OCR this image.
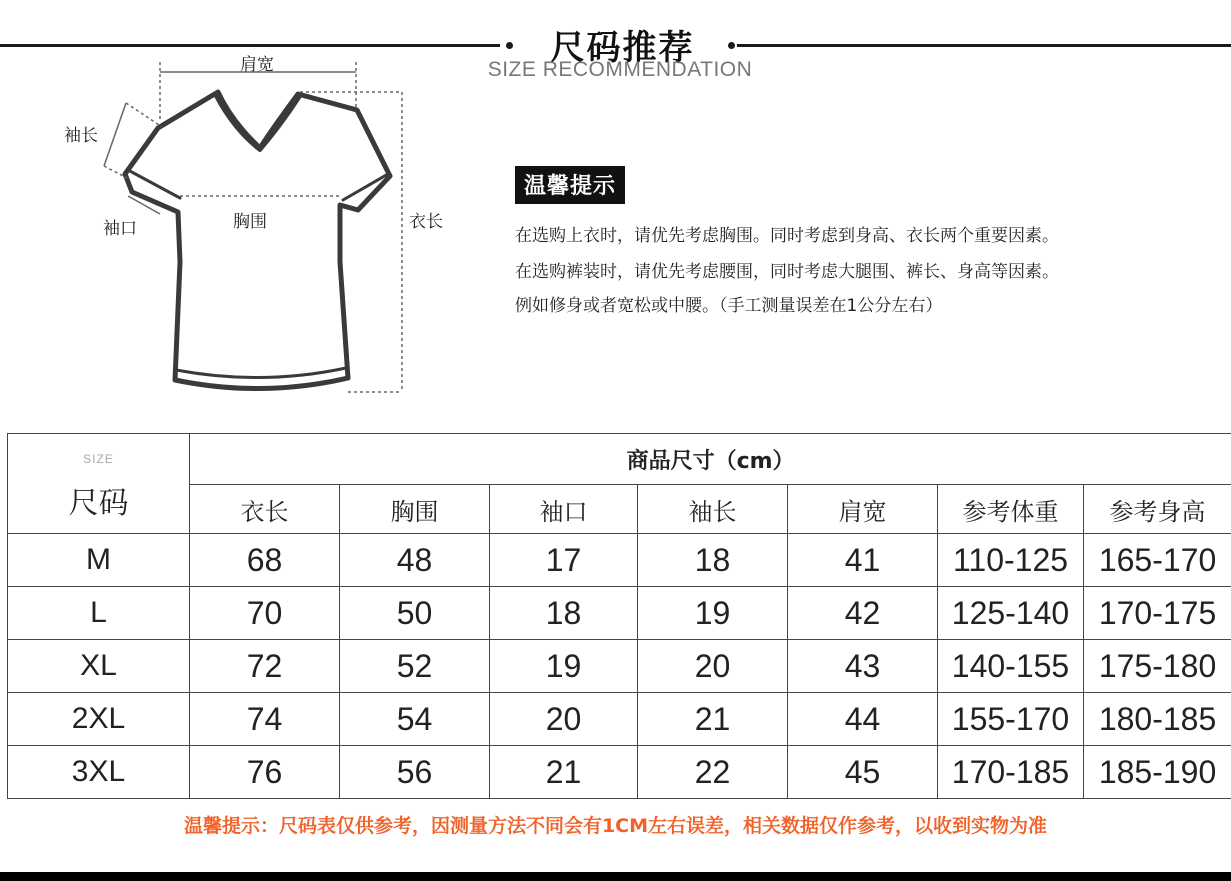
尺码推荐
SIZE RECOMMENDATION
肩宽
袖长
袖口	胸围	衣长
温馨提示
在选购上衣时，请优先考虑胸围。同时考虑到身高、衣长两个重要因素。
在选购裤装时，请优先考虑腰围，同时考虑大腿围、裤长、身高等因素。
例如修身或者宽松或中腰。（手工测量误差在1公分左右）
SIZE
尺码	商品尺寸（cm）						
	衣长	胸围	袖口	袖长	肩宽	参考体重	参考身高
M	68	48	17	18	41	110-125	165-170
L	70	50	18	19	42	125-140	170-175
XL	72	52	19	20	43	140-155	175-180
2XL	74	54	20	21	44	155-170	180-185
3XL	76	56	21	22	45	170-185	185-190
温馨提示：尺码表仅供参考，因测量方法不同会有1CM左右误差，相关数据仅作参考，以收到实物为准
